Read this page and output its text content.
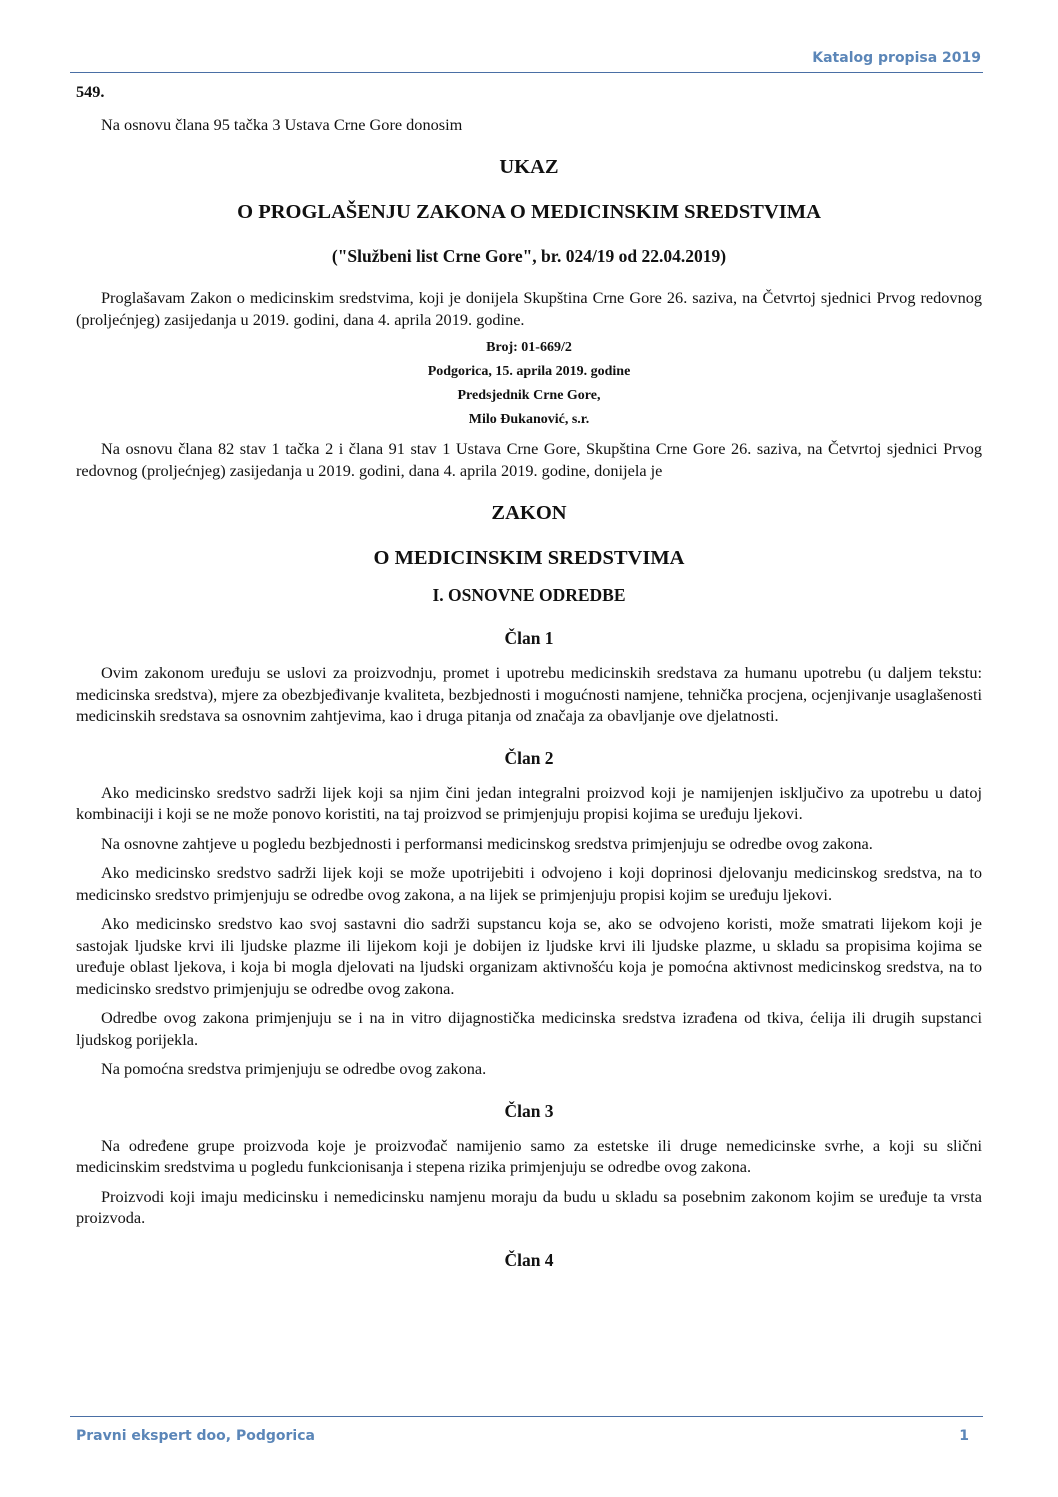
Katalog propisa 2019

549.

Na osnovu člana 95 tačka 3 Ustava Crne Gore donosim

UKAZ

O PROGLAŠENJU ZAKONA O MEDICINSKIM SREDSTVIMA

("Službeni list Crne Gore", br. 024/19 od 22.04.2019)

Proglašavam Zakon o medicinskim sredstvima, koji je donijela Skupština Crne Gore 26. saziva, na Četvrtoj sjednici Prvog redovnog (proljećnjeg) zasijedanja u 2019. godini, dana 4. aprila 2019. godine.

Broj: 01-669/2

Podgorica, 15. aprila 2019. godine

Predsjednik Crne Gore,

Milo Đukanović, s.r.

Na osnovu člana 82 stav 1 tačka 2 i člana 91 stav 1 Ustava Crne Gore, Skupština Crne Gore 26. saziva, na Četvrtoj sjednici Prvog redovnog (proljećnjeg) zasijedanja u 2019. godini, dana 4. aprila 2019. godine, donijela je

ZAKON

O MEDICINSKIM SREDSTVIMA

I. OSNOVNE ODREDBE

Član 1

Ovim zakonom uređuju se uslovi za proizvodnju, promet i upotrebu medicinskih sredstava za humanu upotrebu (u daljem tekstu: medicinska sredstva), mjere za obezbjeđivanje kvaliteta, bezbjednosti i mogućnosti namjene, tehnička procjena, ocjenjivanje usaglašenosti medicinskih sredstava sa osnovnim zahtjevima, kao i druga pitanja od značaja za obavljanje ove djelatnosti.

Član 2

Ako medicinsko sredstvo sadrži lijek koji sa njim čini jedan integralni proizvod koji je namijenjen isključivo za upotrebu u datoj kombinaciji i koji se ne može ponovo koristiti, na taj proizvod se primjenjuju propisi kojima se uređuju ljekovi.

Na osnovne zahtjeve u pogledu bezbjednosti i performansi medicinskog sredstva primjenjuju se odredbe ovog zakona.

Ako medicinsko sredstvo sadrži lijek koji se može upotrijebiti i odvojeno i koji doprinosi djelovanju medicinskog sredstva, na to medicinsko sredstvo primjenjuju se odredbe ovog zakona, a na lijek se primjenjuju propisi kojim se uređuju ljekovi.

Ako medicinsko sredstvo kao svoj sastavni dio sadrži supstancu koja se, ako se odvojeno koristi, može smatrati lijekom koji je sastojak ljudske krvi ili ljudske plazme ili lijekom koji je dobijen iz ljudske krvi ili ljudske plazme, u skladu sa propisima kojima se uređuje oblast ljekova, i koja bi mogla djelovati na ljudski organizam aktivnošću koja je pomoćna aktivnost medicinskog sredstva, na to medicinsko sredstvo primjenjuju se odredbe ovog zakona.

Odredbe ovog zakona primjenjuju se i na in vitro dijagnostička medicinska sredstva izrađena od tkiva, ćelija ili drugih supstanci ljudskog porijekla.

Na pomoćna sredstva primjenjuju se odredbe ovog zakona.

Član 3

Na određene grupe proizvoda koje je proizvođač namijenio samo za estetske ili druge nemedicinske svrhe, a koji su slični medicinskim sredstvima u pogledu funkcionisanja i stepena rizika primjenjuju se odredbe ovog zakona.

Proizvodi koji imaju medicinsku i nemedicinsku namjenu moraju da budu u skladu sa posebnim zakonom kojim se uređuje ta vrsta proizvoda.

Član 4

Pravni ekspert doo, Podgorica	1
